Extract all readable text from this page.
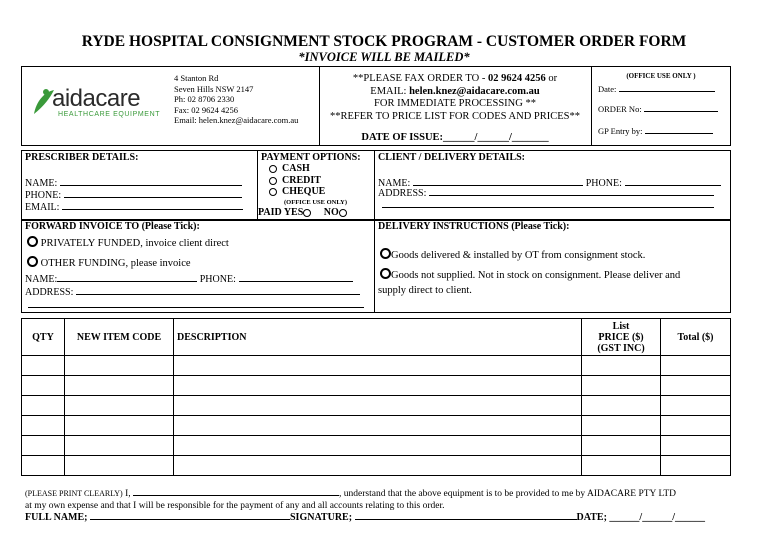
RYDE HOSPITAL CONSIGNMENT STOCK PROGRAM - CUSTOMER ORDER FORM
*INVOICE WILL BE MAILED*
aidacare
HEALTHCARE EQUIPMENT
4 Stanton Rd
Seven Hills NSW 2147
Ph: 02 8706 2330
Fax: 02 9624 4256
Email: helen.knez@aidacare.com.au
**PLEASE FAX ORDER TO - 02 9624 4256 or
EMAIL: helen.knez@aidacare.com.au
FOR IMMEDIATE PROCESSING **
**REFER TO PRICE LIST FOR CODES AND PRICES**
DATE OF ISSUE:______/______/_______
(OFFICE USE ONLY )
Date:
ORDER No:
GP Entry by:
PRESCRIBER DETAILS:
NAME:
PHONE:
EMAIL:
PAYMENT OPTIONS:
CASH
CREDIT
CHEQUE
(OFFICE USE ONLY)
PAID YES NO
CLIENT / DELIVERY DETAILS:
NAME:	PHONE:
ADDRESS:
FORWARD INVOICE TO (Please Tick):
PRIVATELY FUNDED, invoice client direct
OTHER FUNDING, please invoice
NAME:	PHONE:
ADDRESS:
DELIVERY INSTRUCTIONS (Please Tick):
Goods delivered & installed by OT from consignment stock.
Goods not supplied. Not in stock on consignment. Please deliver and
supply direct to client.
QTY	NEW ITEM CODE	DESCRIPTION	List
PRICE ($)
(GST INC)	Total ($)

(PLEASE PRINT CLEARLY) I,	, understand that the above equipment is to be provided to me by AIDACARE PTY LTD
at my own expense and that I will be responsible for the payment of any and all accounts relating to this order.
FULL NAME;	SIGNATURE;	DATE; ______/______/______
